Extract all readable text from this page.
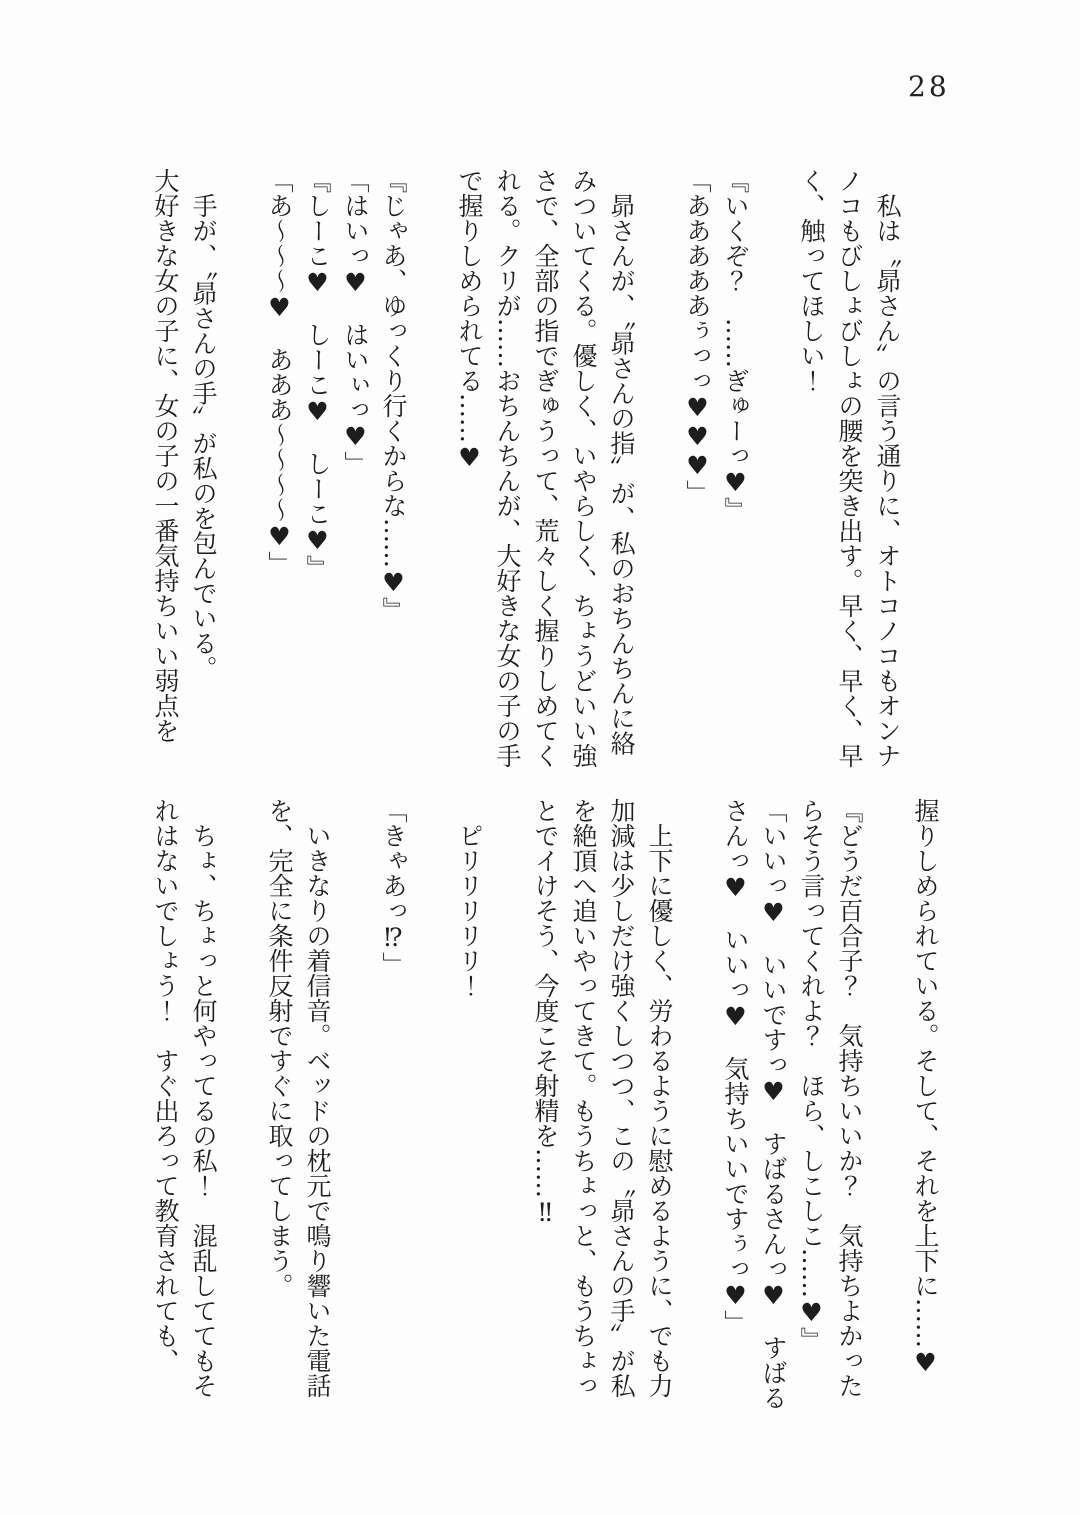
28
　私は〝昴さん〟の言う通りに、オトコノコもオンナ
ノコもびしょびしょの腰を突き出す。早く、早く、早
く、触ってほしい！
『いくぞ？　……ぎゅーっ♥』
「あああああぅっっ♥♥♥」
　昴さんが、〝昴さんの指〟が、私のおちんちんに絡
みついてくる。優しく、いやらしく、ちょうどいい強
さで、全部の指でぎゅうって、荒々しく握りしめてく
れる。クリが……おちんちんが、大好きな女の子の手
で握りしめられてる……♥
『じゃあ、ゆっくり行くからな……♥』
「はいっ♥　はいぃっ♥」
『しーこ♥　しーこ♥　しーこ♥』
「あ〜〜〜♥　あああ〜〜〜〜♥」
　手が、〝昴さんの手〟が私のを包んでいる。
大好きな女の子に、女の子の一番気持ちいい弱点を
握りしめられている。そして、それを上下に……♥
『どうだ百合子？　気持ちいいか？　気持ちよかった
らそう言ってくれよ？　ほら、しこしこ……♥』
「いいっ♥　いいですっ♥　すばるさんっ♥　すばる
さんっ♥　いいっ♥　気持ちいいですぅっ♥」
　上下に優しく、労わるように慰めるように、でも力
加減は少しだけ強くしつつ、この〝昴さんの手〟が私
を絶頂へ追いやってきて。もうちょっと、もうちょっ
とでイけそう、今度こそ射精を……‼
　ピリリリリリ！
「きゃあっ⁉」
　いきなりの着信音。ベッドの枕元で鳴り響いた電話
を、完全に条件反射ですぐに取ってしまう。
　ちょ、ちょっと何やってるの私！　混乱しててもそ
れはないでしょう！　すぐ出ろって教育されても、
